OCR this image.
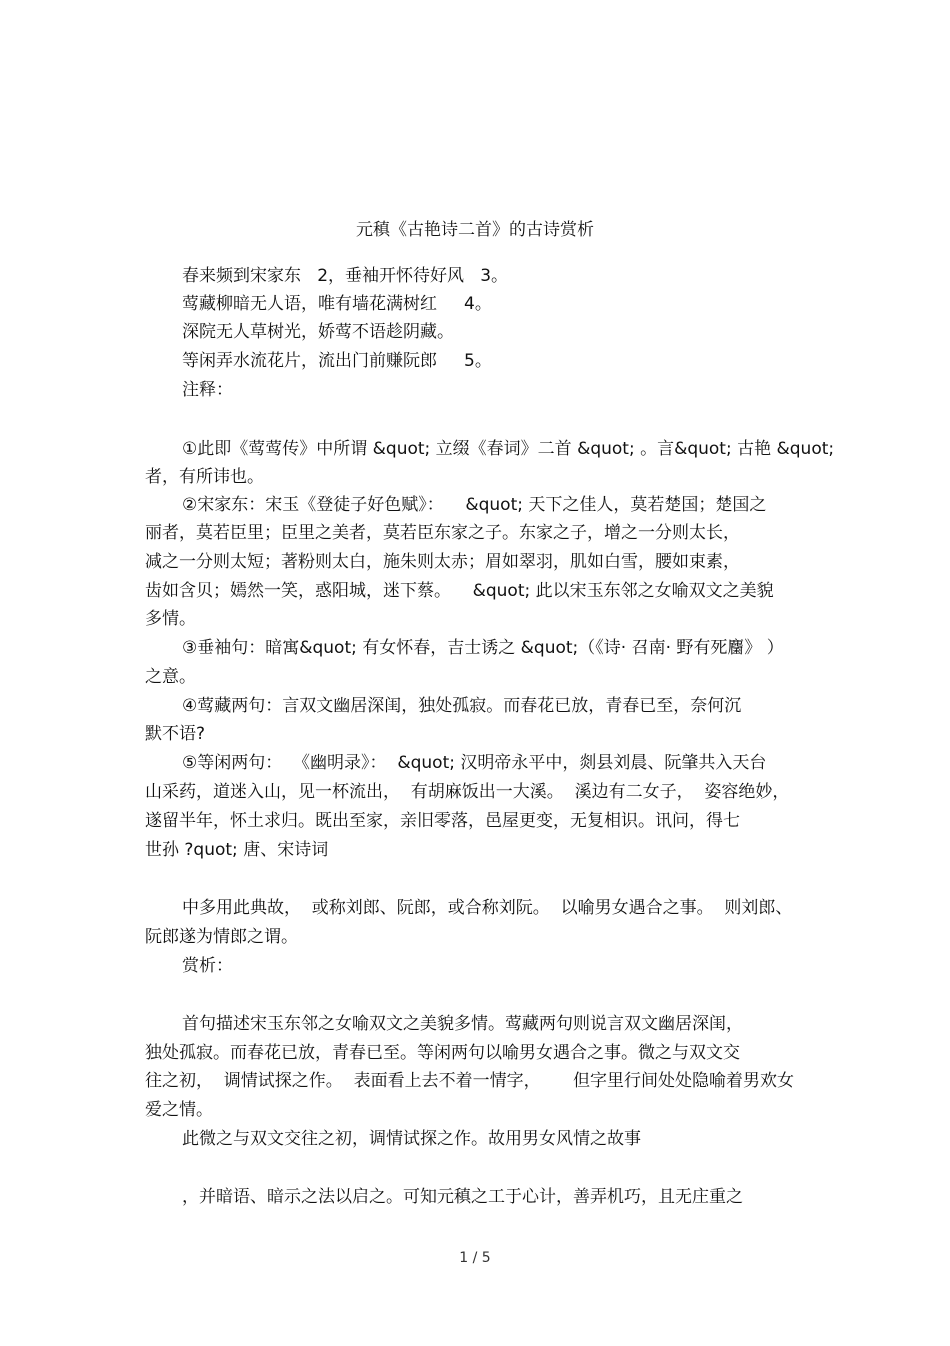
元稹《古艳诗二首》的古诗赏析
春来频到宋家东   2，垂袖开怀待好风   3。
莺藏柳暗无人语，唯有墙花满树红     4。
深院无人草树光，娇莺不语趁阴藏。
等闲弄水流花片，流出门前赚阮郎     5。
注释：
①此即《莺莺传》中所谓 &quot; 立缀《春词》二首 &quot; 。言&quot; 古艳 &quot;
者，有所讳也。
②宋家东：宋玉《登徒子好色赋》：    &quot; 天下之佳人，莫若楚国；楚国之
丽者，莫若臣里；臣里之美者，莫若臣东家之子。东家之子，增之一分则太长，
减之一分则太短；著粉则太白，施朱则太赤；眉如翠羽，肌如白雪，腰如束素，
齿如含贝；嫣然一笑，惑阳城，迷下蔡。    &quot; 此以宋玉东邻之女喻双文之美貌
多情。
③垂袖句：暗寓&quot; 有女怀春，吉士诱之 &quot;（《诗· 召南· 野有死麕》 ）
之意。
④莺藏两句：言双文幽居深闺，独处孤寂。而春花已放，青春已至，奈何沉
默不语?
⑤等闲两句：  《幽明录》：  &quot; 汉明帝永平中，剡县刘晨、阮肇共入天台
山采药，道迷入山，见一杯流出，  有胡麻饭出一大溪。  溪边有二女子，  姿容绝妙，
遂留半年，怀土求归。既出至家，亲旧零落，邑屋更变，无复相识。讯问，得七
世孙 ?quot; 唐、宋诗词
中多用此典故，  或称刘郎、阮郎，或合称刘阮。  以喻男女遇合之事。  则刘郎、
阮郎遂为情郎之谓。
赏析：
首句描述宋玉东邻之女喻双文之美貌多情。莺藏两句则说言双文幽居深闺，
独处孤寂。而春花已放，青春已至。等闲两句以喻男女遇合之事。微之与双文交
往之初，  调情试探之作。  表面看上去不着一情字，      但字里行间处处隐喻着男欢女
爱之情。
此微之与双文交往之初，调情试探之作。故用男女风情之故事
，并暗语、暗示之法以启之。可知元稹之工于心计，善弄机巧，且无庄重之
1 / 5
